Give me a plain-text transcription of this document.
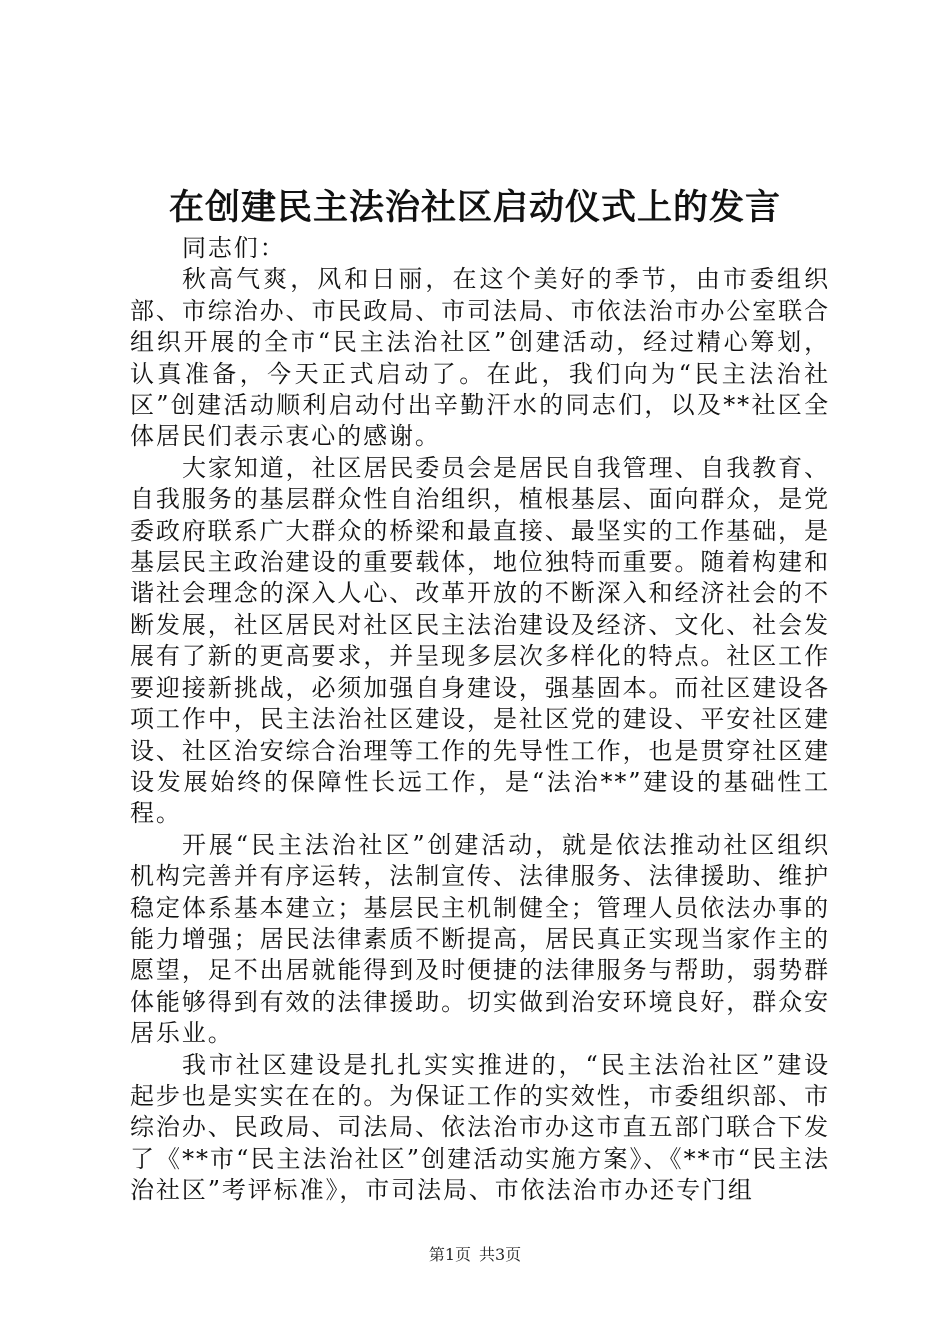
在创建民主法治社区启动仪式上的发言

同志们：

秋高气爽，风和日丽，在这个美好的季节，由市委组织部、市综治办、市民政局、市司法局、市依法治市办公室联合组织开展的全市“民主法治社区”创建活动，经过精心筹划，认真准备，今天正式启动了。在此，我们向为“民主法治社区”创建活动顺利启动付出辛勤汗水的同志们，以及**社区全体居民们表示衷心的感谢。

大家知道，社区居民委员会是居民自我管理、自我教育、自我服务的基层群众性自治组织，植根基层、面向群众，是党委政府联系广大群众的桥梁和最直接、最坚实的工作基础，是基层民主政治建设的重要载体，地位独特而重要。随着构建和谐社会理念的深入人心、改革开放的不断深入和经济社会的不断发展，社区居民对社区民主法治建设及经济、文化、社会发展有了新的更高要求，并呈现多层次多样化的特点。社区工作要迎接新挑战，必须加强自身建设，强基固本。而社区建设各项工作中，民主法治社区建设，是社区党的建设、平安社区建设、社区治安综合治理等工作的先导性工作，也是贯穿社区建设发展始终的保障性长远工作，是“法治**”建设的基础性工程。

开展“民主法治社区”创建活动，就是依法推动社区组织机构完善并有序运转，法制宣传、法律服务、法律援助、维护稳定体系基本建立；基层民主机制健全；管理人员依法办事的能力增强；居民法律素质不断提高，居民真正实现当家作主的愿望，足不出居就能得到及时便捷的法律服务与帮助，弱势群体能够得到有效的法律援助。切实做到治安环境良好，群众安居乐业。

我市社区建设是扎扎实实推进的，“民主法治社区”建设起步也是实实在在的。为保证工作的实效性，市委组织部、市综治办、民政局、司法局、依法治市办这市直五部门联合下发了《**市“民主法治社区”创建活动实施方案》、《**市“民主法治社区”考评标准》，市司法局、市依法治市办还专门组

第1页 共3页
